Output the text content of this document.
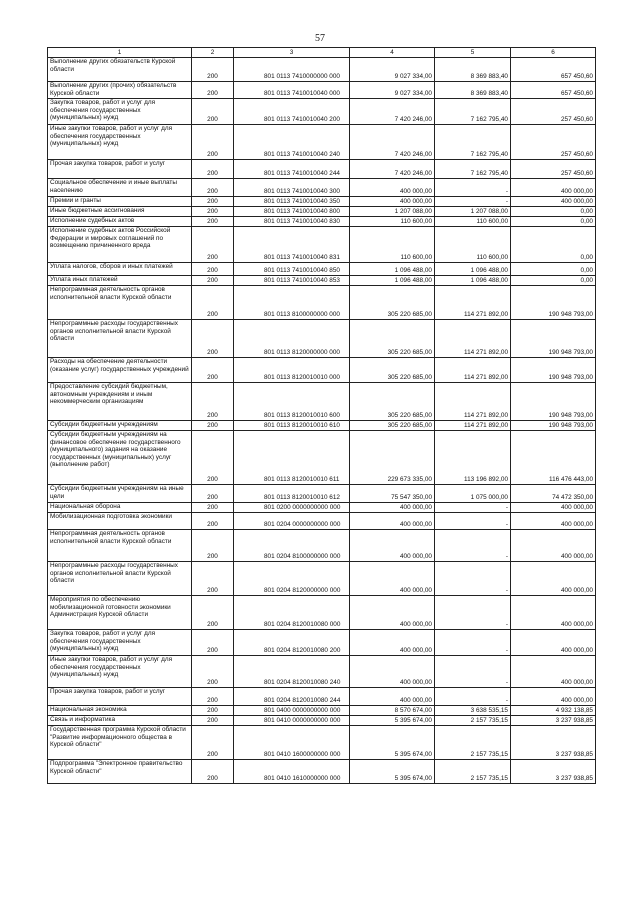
57
1	2	3	4	5	6
Выполнение других обязательств Курской области	200	801 0113 7410000000 000	9 027 334,00	8 369 883,40	657 450,60
Выполнение других (прочих) обязательств Курской области	200	801 0113 7410010040 000	9 027 334,00	8 369 883,40	657 450,60
Закупка товаров, работ и услуг для обеспечения государственных (муниципальных) нужд	200	801 0113 7410010040 200	7 420 246,00	7 162 795,40	257 450,60
Иные закупки товаров, работ и услуг для обеспечения государственных (муниципальных) нужд	200	801 0113 7410010040 240	7 420 246,00	7 162 795,40	257 450,60
Прочая закупка товаров, работ и услуг	200	801 0113 7410010040 244	7 420 246,00	7 162 795,40	257 450,60
Социальное обеспечение и иные выплаты населению	200	801 0113 7410010040 300	400 000,00	-	400 000,00
Премии и гранты	200	801 0113 7410010040 350	400 000,00	-	400 000,00
Иные бюджетные ассигнования	200	801 0113 7410010040 800	1 207 088,00	1 207 088,00	0,00
Исполнение судебных актов	200	801 0113 7410010040 830	110 600,00	110 600,00	0,00
Исполнение судебных актов Российской Федерации и мировых соглашений по возмещению причиненного вреда	200	801 0113 7410010040 831	110 600,00	110 600,00	0,00
Уплата налогов, сборов и иных платежей	200	801 0113 7410010040 850	1 096 488,00	1 096 488,00	0,00
Уплата иных платежей	200	801 0113 7410010040 853	1 096 488,00	1 096 488,00	0,00
Непрограммная деятельность органов исполнительной власти Курской области	200	801 0113 8100000000 000	305 220 685,00	114 271 892,00	190 948 793,00
Непрограммные расходы государственных органов исполнительной власти Курской области	200	801 0113 8120000000 000	305 220 685,00	114 271 892,00	190 948 793,00
Расходы на обеспечение деятельности (оказание услуг) государственных учреждений	200	801 0113 8120010010 000	305 220 685,00	114 271 892,00	190 948 793,00
Предоставление субсидий бюджетным, автономным учреждениям и иным некоммерческим организациям	200	801 0113 8120010010 600	305 220 685,00	114 271 892,00	190 948 793,00
Субсидии бюджетным учреждениям	200	801 0113 8120010010 610	305 220 685,00	114 271 892,00	190 948 793,00
Субсидии бюджетным учреждениям на финансовое обеспечение государственного (муниципального) задания на оказание государственных (муниципальных) услуг (выполнение работ)	200	801 0113 8120010010 611	229 673 335,00	113 196 892,00	116 476 443,00
Субсидии бюджетным учреждениям на иные цели	200	801 0113 8120010010 612	75 547 350,00	1 075 000,00	74 472 350,00
Национальная оборона	200	801 0200 0000000000 000	400 000,00	-	400 000,00
Мобилизационная подготовка экономики	200	801 0204 0000000000 000	400 000,00	-	400 000,00
Непрограммная деятельность органов исполнительной власти Курской области	200	801 0204 8100000000 000	400 000,00	-	400 000,00
Непрограммные расходы государственных органов исполнительной власти Курской области	200	801 0204 8120000000 000	400 000,00	-	400 000,00
Мероприятия по обеспечению мобилизационной готовности экономики Администрация Курской области	200	801 0204 8120010080 000	400 000,00	-	400 000,00
Закупка товаров, работ и услуг для обеспечения государственных (муниципальных) нужд	200	801 0204 8120010080 200	400 000,00	-	400 000,00
Иные закупки товаров, работ и услуг для обеспечения государственных (муниципальных) нужд	200	801 0204 8120010080 240	400 000,00	-	400 000,00
Прочая закупка товаров, работ и услуг	200	801 0204 8120010080 244	400 000,00	-	400 000,00
Национальная экономика	200	801 0400 0000000000 000	8 570 674,00	3 638 535,15	4 932 138,85
Связь и информатика	200	801 0410 0000000000 000	5 395 674,00	2 157 735,15	3 237 938,85
Государственная программа Курской области "Развитие информационного общества в Курской области"	200	801 0410 1600000000 000	5 395 674,00	2 157 735,15	3 237 938,85
Подпрограмма "Электронное правительство Курской области"	200	801 0410 1610000000 000	5 395 674,00	2 157 735,15	3 237 938,85
